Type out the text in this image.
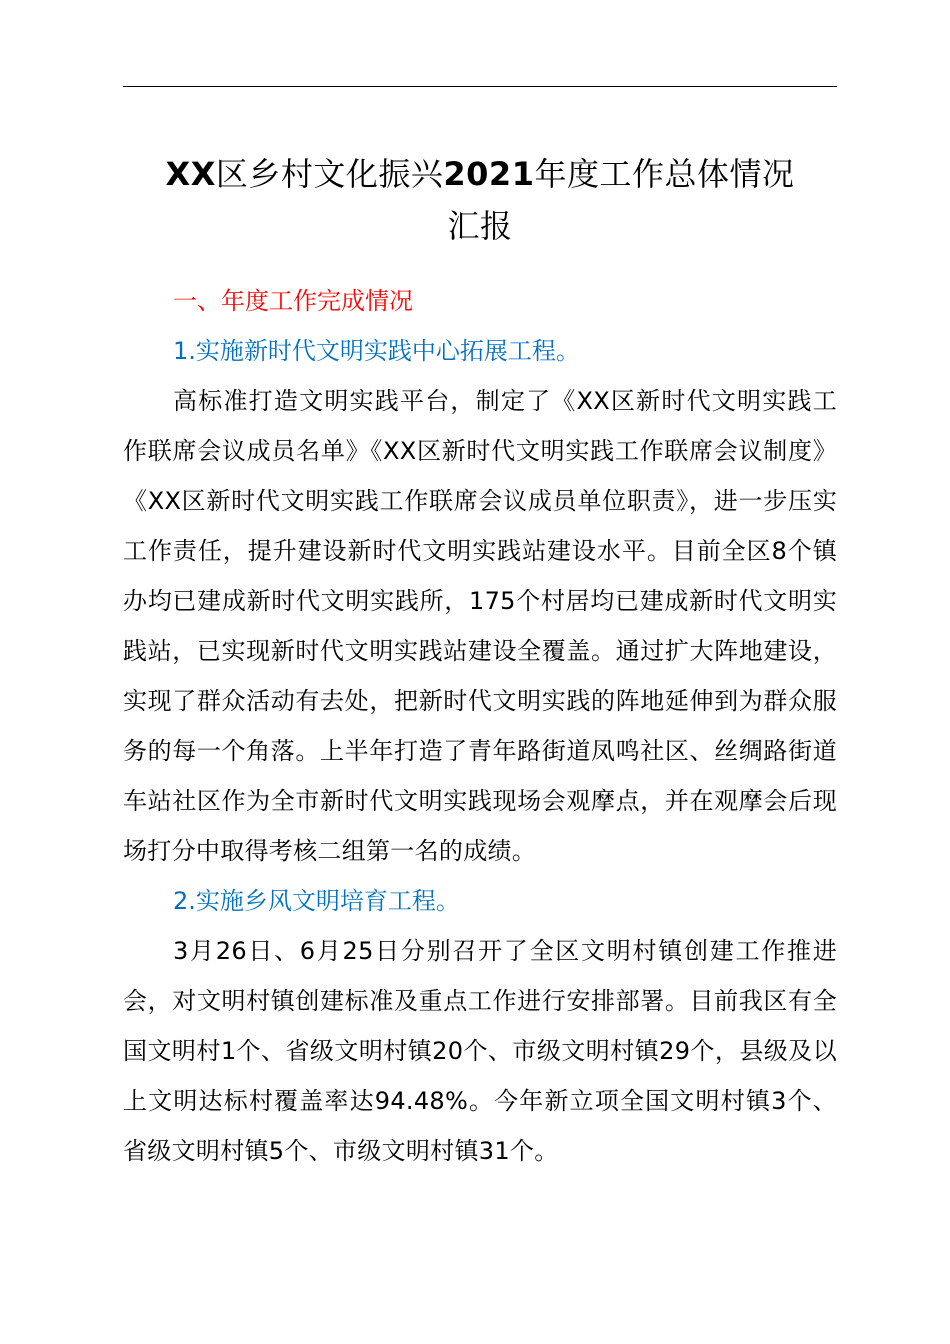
XX区乡村文化振兴2021年度工作总体情况
汇报

一、年度工作完成情况

1.实施新时代文明实践中心拓展工程。

高标准打造文明实践平台，制定了《XX区新时代文明实践工作联席会议成员名单》《XX区新时代文明实践工作联席会议制度》《XX区新时代文明实践工作联席会议成员单位职责》，进一步压实工作责任，提升建设新时代文明实践站建设水平。目前全区8个镇办均已建成新时代文明实践所，175个村居均已建成新时代文明实践站，已实现新时代文明实践站建设全覆盖。通过扩大阵地建设，实现了群众活动有去处，把新时代文明实践的阵地延伸到为群众服务的每一个角落。上半年打造了青年路街道凤鸣社区、丝绸路街道车站社区作为全市新时代文明实践现场会观摩点，并在观摩会后现场打分中取得考核二组第一名的成绩。

2.实施乡风文明培育工程。

3月26日、6月25日分别召开了全区文明村镇创建工作推进会，对文明村镇创建标准及重点工作进行安排部署。目前我区有全国文明村1个、省级文明村镇20个、市级文明村镇29个，县级及以上文明达标村覆盖率达94.48%。今年新立项全国文明村镇3个、省级文明村镇5个、市级文明村镇31个。
